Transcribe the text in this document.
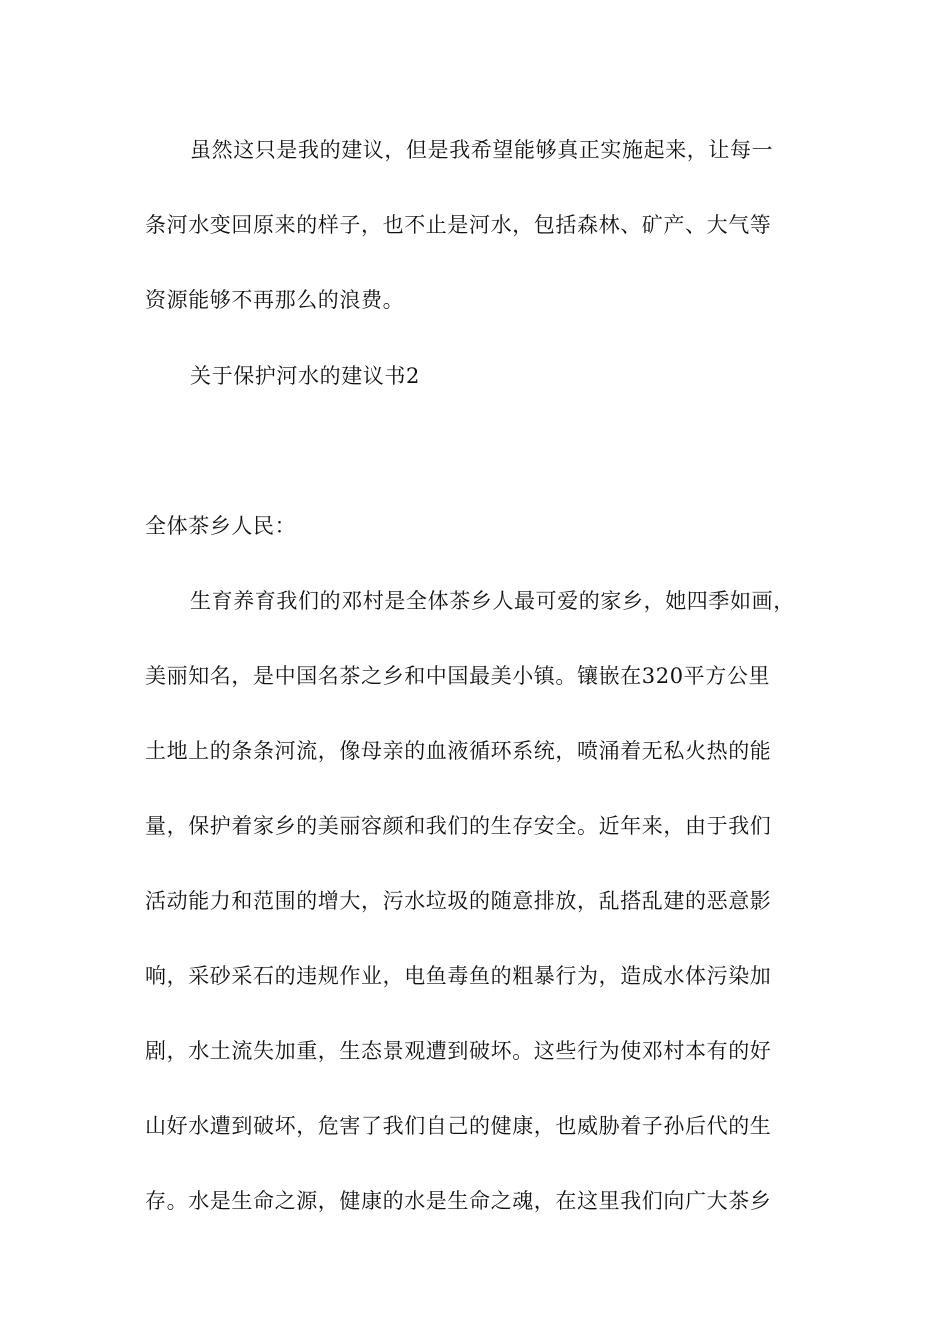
虽然这只是我的建议，但是我希望能够真正实施起来，让每一
条河水变回原来的样子，也不止是河水，包括森林、矿产、大气等
资源能够不再那么的浪费。
关于保护河水的建议书2
全体茶乡人民：
生育养育我们的邓村是全体茶乡人最可爱的家乡，她四季如画，
美丽知名，是中国名茶之乡和中国最美小镇。镶嵌在320平方公里
土地上的条条河流，像母亲的血液循环系统，喷涌着无私火热的能
量，保护着家乡的美丽容颜和我们的生存安全。近年来，由于我们
活动能力和范围的增大，污水垃圾的随意排放，乱搭乱建的恶意影
响，采砂采石的违规作业，电鱼毒鱼的粗暴行为，造成水体污染加
剧，水土流失加重，生态景观遭到破坏。这些行为使邓村本有的好
山好水遭到破坏，危害了我们自己的健康，也威胁着子孙后代的生
存。水是生命之源，健康的水是生命之魂，在这里我们向广大茶乡
